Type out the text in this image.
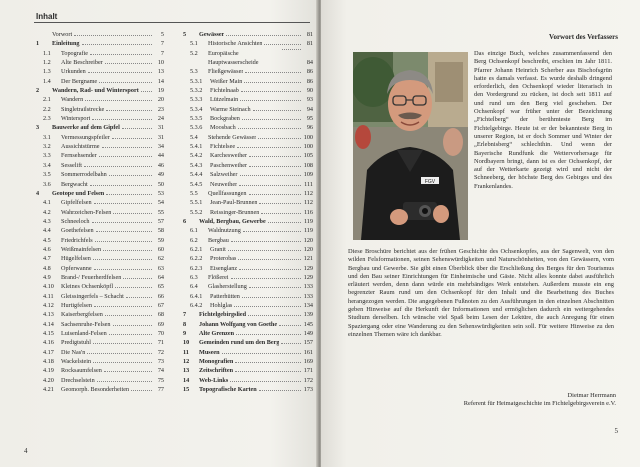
Inhalt
Vorwort	5
1	Einleitung	7
1.1	Topografie	7
1.2	Alte Beschreiber	10
1.3	Urkunden	13
1.4	Der Bergname	14
2	Wandern, Rad- und Wintersport	19
2.1	Wandern	20
2.2	Singletrailstrecke	23
2.3	Wintersport	24
3	Bauwerke auf dem Gipfel	31
3.1	Vermessungspfeiler	31
3.2	Aussichtstürme	34
3.3	Fernsehsender	44
3.4	Sesselift	46
3.5	Sommerrodelbahn	49
3.6	Bergwacht	50
4	Geotope und Felsen	53
4.1	Gipfelfelsen	54
4.2	Wahrzeichen-Felsen	55
4.3	Schneeloch	57
4.4	Goethefelsen	58
4.5	Friedrichfels	59
4.6	Weißmainfelsen	60
4.7	Hügelfelsen	62
4.8	Opferwanne	63
4.9	Brand-/ Feuerherdfelsen	64
4.10	Kleines Ochsenköpfl	65
4.11	Gleissingerfels – Schacht	66
4.12	Hurtigfelsen	67
4.13	Kaiserbergfelsen	68
4.14	Sachsenruhe-Felsen	69
4.15	Luisenland-Felsen	70
4.16	Predigtstuhl	71
4.17	Die Nas'n	72
4.18	Wackelstein	73
4.19	Rocksaumfelsen	74
4.20	Drechselstein	75
4.21	Geomorph. Besonderheiten	77
5	Gewässer	81
5.1	Historische Ansichten	81
5.2	Europäische Hauptwasserscheide	84
5.3	Fließgewässer	86
5.3.1	Weißer Main	86
5.3.2	Fichtelnaab	90
5.3.3	Lützelmain	93
5.3.4	Warme Steinach	94
5.3.5	Bockgraben	95
5.3.6	Moosbach	96
5.4	Stehende Gewässer	100
5.4.1	Fichtelsee	100
5.4.2	Karchesweiher	105
5.4.3	Paschenweiher	108
5.4.4	Salzweiher	109
5.4.5	Neuweiher	111
5.5	Quellfassungen	112
5.5.1	Jean-Paul-Brunnen	112
5.5.2	Reissinger-Brunnen	116
6	Wald, Bergbau, Gewerbe	119
6.1	Waldnutzung	119
6.2	Bergbau	120
6.2.1	Granit	120
6.2.2	Proterobas	121
6.2.3	Eisenglanz	129
6.3	Flößerei	129
6.4	Glasherstellung	133
6.4.1	Patterhütten	133
6.4.2	Hohlglas	134
7	Fichtelgebirgslied	139
8	Johann Wolfgang von Goethe	145
9	Alte Grenzen	149
10	Gemeinden rund um den Berg	157
11	Museen	161
12	Monografien	169
13	Zeitschriften	171
14	Web-Links	172
15	Topografische Karten	173
4
5
Vorwort des Verfassers
FGV
Das einzige Buch, welches zusammenfassend den Berg Ochsenkopf beschreibt, erschien im Jahr 1811. Pfarrer Johann Heinrich Scherber aus Bischofsgrün hatte es damals verfasst. Es wurde deshalb dringend erforderlich, den Ochsenkopf wieder literarisch in den Vordergrund zu rücken, ist doch seit 1811 auf und rund um den Berg viel geschehen. Der Ochsenkopf war früher unter der Bezeichnung „Fichtelberg“ der berühmteste Berg im Fichtelgebirge. Heute ist er der bekannteste Berg in unserer Region, ist er doch Sommer und Winter der „Erlebnisberg“ schlechthin. Und wenn der Bayerische Rundfunk die Wettervorhersage für Nordbayern bringt, dann ist es der Ochsenkopf, der auf der Wetterkarte gezeigt wird und nicht der Schneeberg, der höchste Berg des Gebirges und des Frankenlandes.
Diese Broschüre berichtet aus der frühen Geschichte des Ochsenkopfes, aus der Sagenwelt, von den wilden Felsformationen, seinen Sehenswürdigkeiten und Naturschönheiten, von den Gewässern, vom Bergbau und Gewerbe. Sie gibt einen Überblick über die Erschließung des Berges für den Tourismus und den Bau seiner Einrichtungen für Einheimische und Gäste. Nicht alles konnte dabei ausführlich erläutert werden, denn dann würde ein mehrbändiges Werk entstehen. Außerdem musste ein eng begrenzter Raum rund um den Ochsenkopf für den Inhalt und die Bearbeitung des Buches herangezogen werden. Die angegebenen Fußnoten zu den Ausführungen in den einzelnen Abschnitten geben Hinweise auf die Herkunft der Informationen und ermöglichen dadurch ein weitergehendes Studium derselben. Ich wünsche viel Spaß beim Lesen der Lektüre, die auch Anregung für einen Spaziergang oder eine Wanderung zu den Sehenswürdigkeiten sein soll. Für weitere Hinweise zu den einzelnen Themen wäre ich dankbar.
Dietmar Herrmann
Referent für Heimatgeschichte im Fichtelgebirgsverein e.V.
